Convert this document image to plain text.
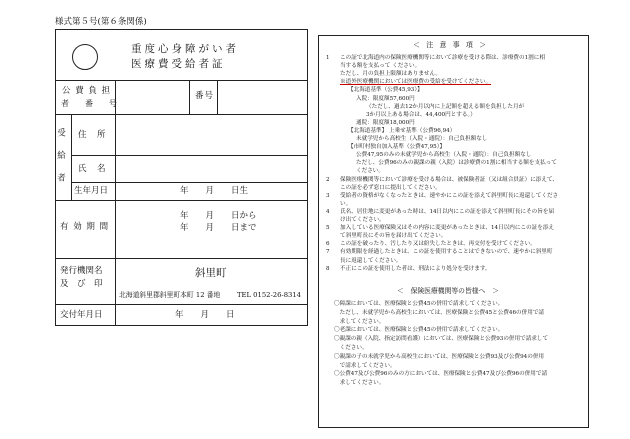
様式第５号(第６条関係)
重度心身障がい者
医療費受給者証
公 費 負 担
者　　番　　号
番号
受給者 住　所
氏　名
生年月日	年　　月　　日生
有 効 期 間
年　　月　　日から
年　　月　　日まで
発行機関名
及　び　印
斜里町
北海道斜里郡斜里町本町 12 番地 TEL 0152-26-8314
交付年月日	年　　月　　日
＜ 注 意 事 項 ＞
1 この証で北海道内の保険医療機関等において診療を受ける際は、診療費の1割に相
当する額を支払って ください。
ただし、月の負担上限額はありません。
※道外医療機関においては医療費の受給を受けてください。
【北海道基準（公費45,93）】
入院：限度額57,600円
（ただし、過去12か月以内に上記額を超える額を負担した月が
3か月以上ある場合は、44,400円とする。）
通院：限度額18,000円
【北海道基準】 上乗せ基準（公費96,94）
未就学児から高校生（入院・通院）：自己負担額なし
【市町村独自加入基準（公費47,95）】
公費47,95のみの未就学児から高校生（入院・通院）：自己負担額なし
ただし、公費96のみの親課の親（入院）は診療費の1割に相当する額を支払って
ください。
2 保険医療機関等において診療を受ける場合は、被保険者証（又は組合員証）に添えて、
この証を必ず窓口に提出してください。
3 受給者の資格がなくなったときは、速やかにこの証を添えて斜里町長に返還してくださ
い。
4 氏名、居住地に変更があった時は、14日以内にこの証を添えて斜里町長にその旨を届
け出てください。
5 加入している医療保険又はその内容に変更があったときは、14日以内にこの証を添え
て斜里町長にその旨を届け出てください。
6 この証を破ったり、汚したり又は紛失したときは、再交付を受けてください。
7 有効期限を経過したときは、この証を使用することはできないので、速やかに斜里町
長に返還してください。
8 不正にこの証を使用した者は、刑法により処分を受けます。
＜　保険医療機関等の皆様へ　＞
〇障課においては、医療保険と公費45の併用で請求してください。
　ただし、未就学児から高校生においては、医療保険と公費45と公費46の併用で請
　求してください。
〇老課においては、医療保険と公費45の併用で請求してください。
〇親課の親（入院、指定訪問看護）においては、医療保険と公費93の併用で請求して
　ください。
〇親課の子の未就学児から高校生においては、医療保険と公費93及び公費94の併用
　で請求してください。
〇公費47及び公費96のみの方においては、医療保険と公費47及び公費96の併用で請
　求してください。
